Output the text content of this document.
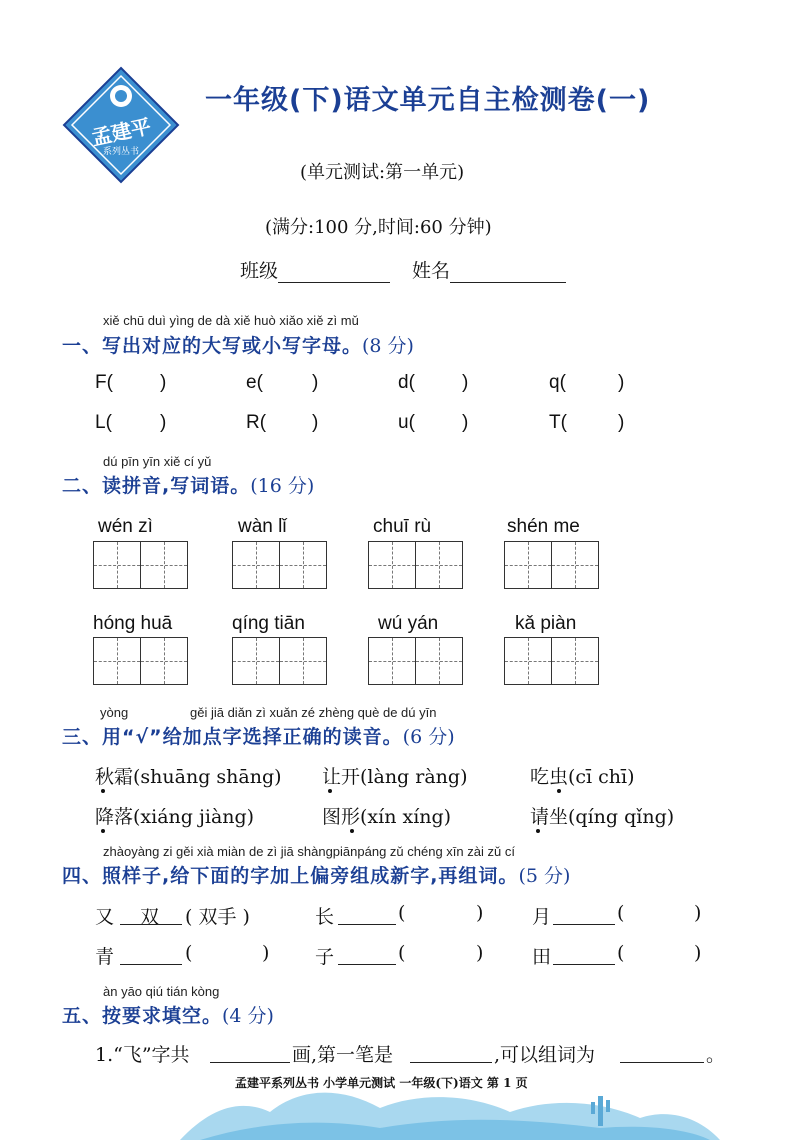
孟建平
系列丛书
一年级(下)语文单元自主检测卷(一)
(单元测试:第一单元)
(满分:100 分,时间:60 分钟)
班级	姓名
xiě chū duì yìng de dà xiě huò xiǎo xiě zì mǔ
一、写出对应的大写或小写字母。(8 分)
F( )	e(	)	d( )	q(	)
L(	)	R( )	u( )	T(	)
dú pīn yīn xiě cí yǔ
二、读拼音,写词语。(16 分)
wén zì	wàn lǐ	chuī rù	shén me
hóng huā	qíng tiān	wú yán	kǎ piàn
yòng	gěi jiā diǎn zì xuǎn zé zhèng què de dú yīn
三、用“√”给加点字选择正确的读音。(6 分)
秋霜(shuāng shāng) 让开(làng ràng)	吃虫(cī chī)
降落(xiáng jiàng)	图形(xín xíng)	请坐(qíng qǐng)
zhàoyàng zi gěi xià miàn de zì jiā shàngpiānpáng zǔ chéng xīn zài zǔ cí
四、照样子,给下面的字加上偏旁组成新字,再组词。(5 分)
又 双 ( 双手 )	长	(	)	月	(	)
青	(	) 子	(	)	田	(	)
àn yāo qiú tián kòng
五、按要求填空。(4 分)
1.“飞”字共	画,第一笔是	,可以组词为	。
孟建平系列丛书 小学单元测试 一年级(下)语文 第 1 页
